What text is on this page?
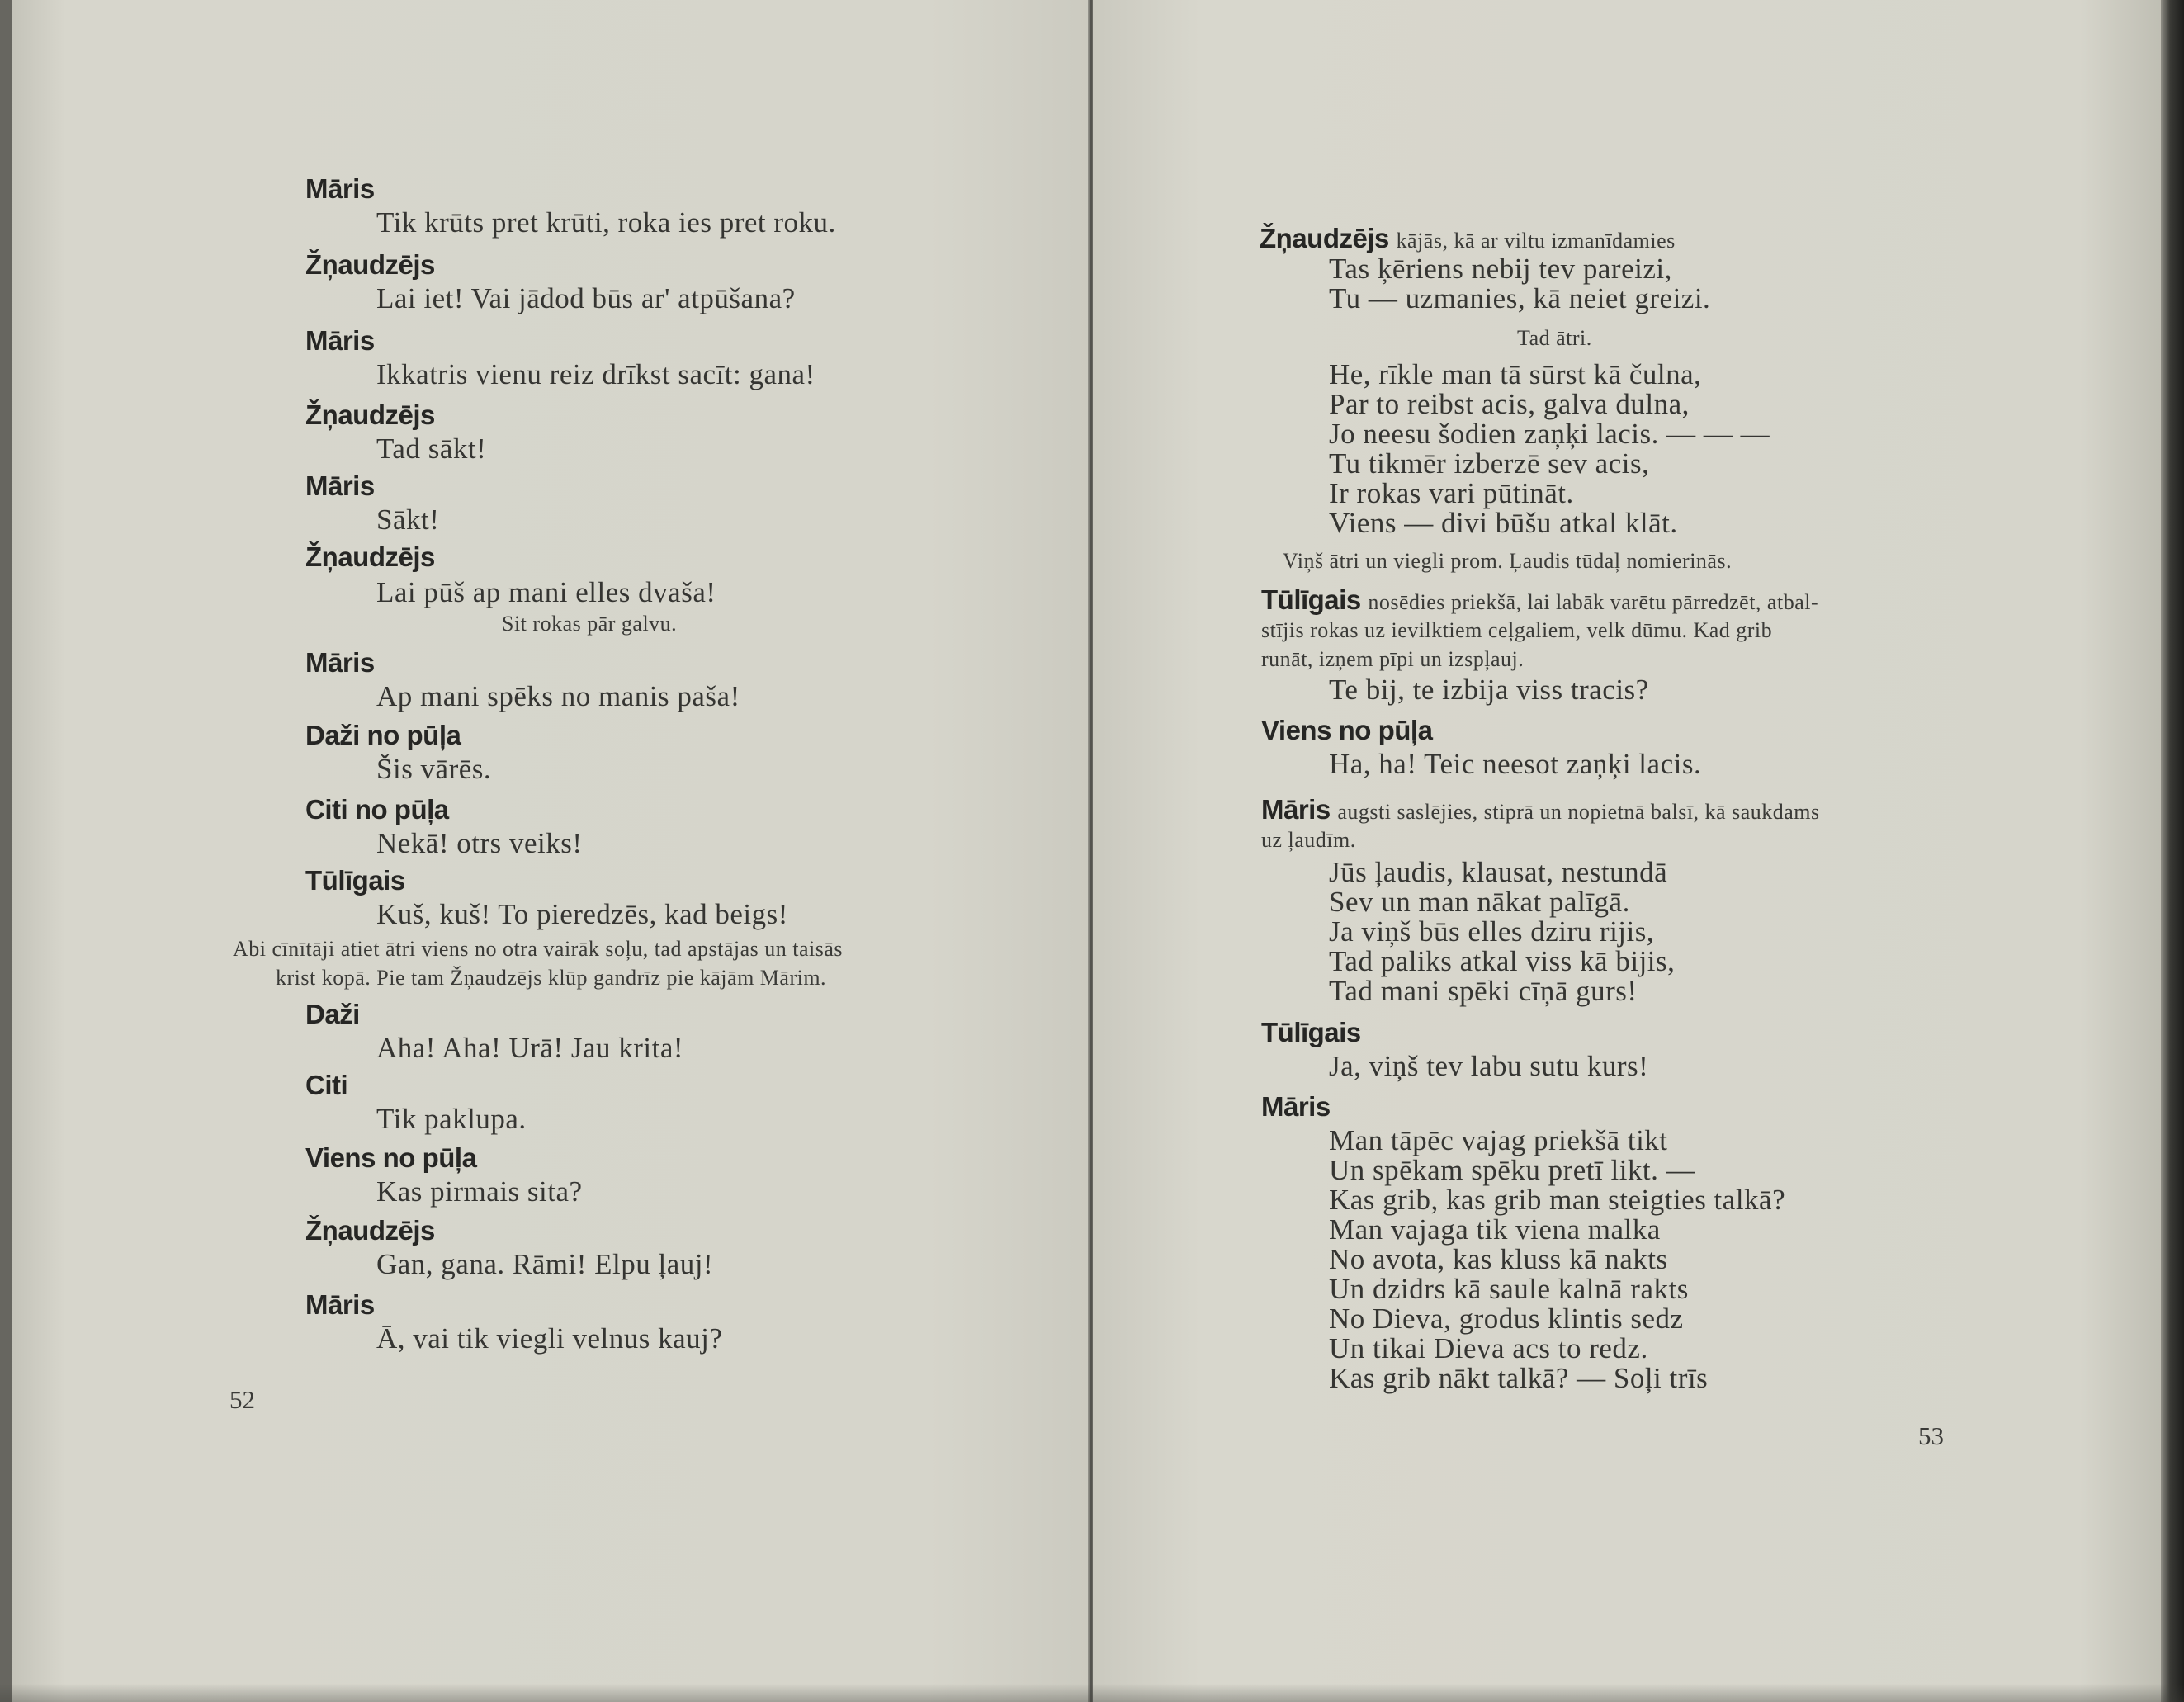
Māris
Tik krūts pret krūti, roka ies pret roku.
Žņaudzējs
Lai iet! Vai jādod būs ar' atpūšana?
Māris
Ikkatris vienu reiz drīkst sacīt: gana!
Žņaudzējs
Tad sākt!
Māris
Sākt!
Žņaudzējs
Lai pūš ap mani elles dvaša!
Sit rokas pār galvu.
Māris
Ap mani spēks no manis paša!
Daži no pūļa
Šis vārēs.
Citi no pūļa
Nekā! otrs veiks!
Tūlīgais
Kuš, kuš! To pieredzēs, kad beigs!
Abi cīnītāji atiet ātri viens no otra vairāk soļu, tad apstājas un taisās
krist kopā. Pie tam Žņaudzējs klūp gandrīz pie kājām Mārim.
Daži
Aha! Aha! Urā! Jau krita!
Citi
Tik paklupa.
Viens no pūļa
Kas pirmais sita?
Žņaudzējs
Gan, gana. Rāmi! Elpu ļauj!
Māris
Ā, vai tik viegli velnus kauj?
52
Žņaudzējs kājās, kā ar viltu izmanīdamies
Tas ķēriens nebij tev pareizi,
Tu — uzmanies, kā neiet greizi.
Tad ātri.
He, rīkle man tā sūrst kā čulna,
Par to reibst acis, galva dulna,
Jo neesu šodien zaņķi lacis. — — —
Tu tikmēr izberzē sev acis,
Ir rokas vari pūtināt.
Viens — divi būšu atkal klāt.
Viņš ātri un viegli prom. Ļaudis tūdaļ nomierinās.
Tūlīgais nosēdies priekšā, lai labāk varētu pārredzēt, atbal-
stījis rokas uz ievilktiem ceļgaliem, velk dūmu. Kad grib
runāt, izņem pīpi un izspļauj.
Te bij, te izbija viss tracis?
Viens no pūļa
Ha, ha! Teic neesot zaņķi lacis.
Māris augsti saslējies, stiprā un nopietnā balsī, kā saukdams
uz ļaudīm.
Jūs ļaudis, klausat, nestundā
Sev un man nākat palīgā.
Ja viņš būs elles dziru rijis,
Tad paliks atkal viss kā bijis,
Tad mani spēki cīņā gurs!
Tūlīgais
Ja, viņš tev labu sutu kurs!
Māris
Man tāpēc vajag priekšā tikt
Un spēkam spēku pretī likt. —
Kas grib, kas grib man steigties talkā?
Man vajaga tik viena malka
No avota, kas kluss kā nakts
Un dzidrs kā saule kalnā rakts
No Dieva, grodus klintis sedz
Un tikai Dieva acs to redz.
Kas grib nākt talkā? — Soļi trīs
53
